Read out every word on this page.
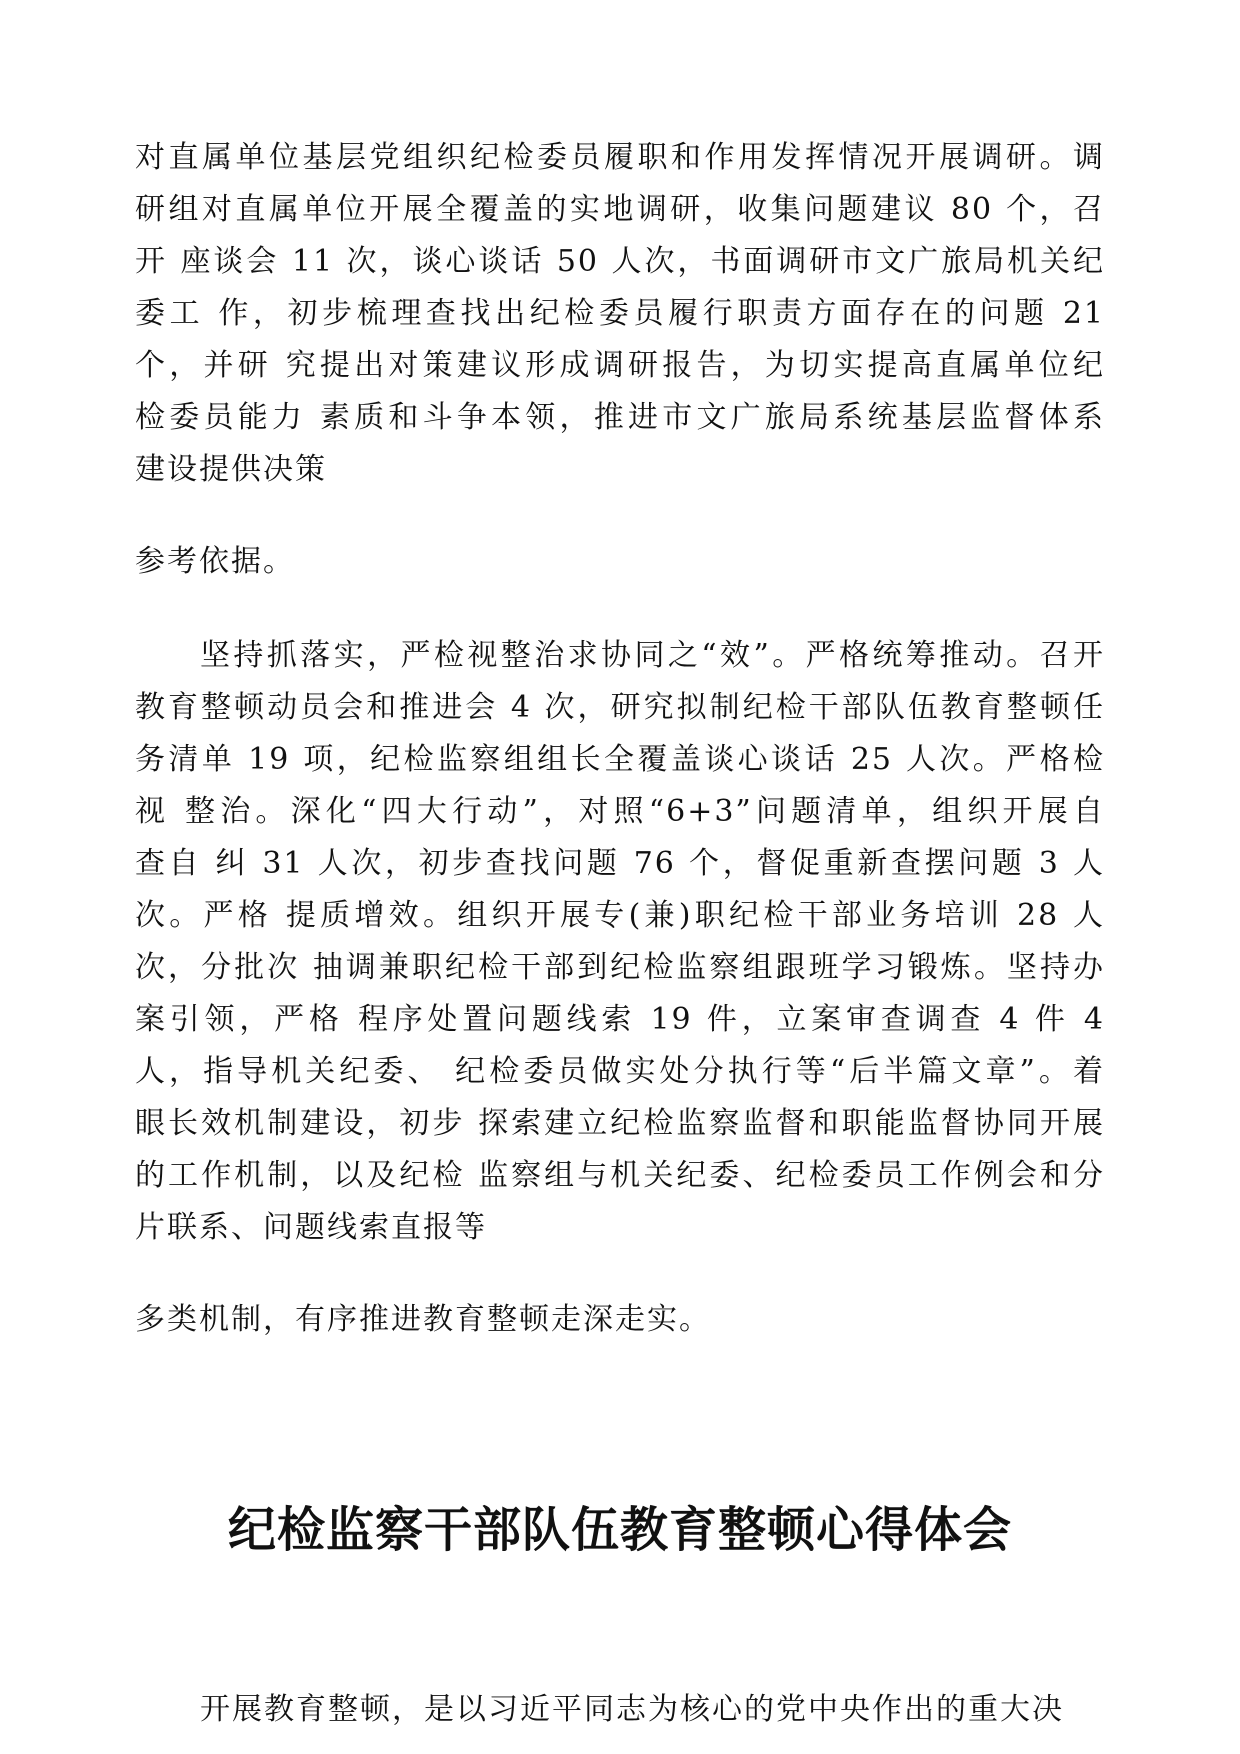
对直属单位基层党组织纪检委员履职和作用发挥情况开展调研。调
研组对直属单位开展全覆盖的实地调研，收集问题建议 80 个，召
开 座谈会 11 次，谈心谈话 50 人次，书面调研市文广旅局机关纪
委工 作，初步梳理查找出纪检委员履行职责方面存在的问题 21
个，并研 究提出对策建议形成调研报告，为切实提高直属单位纪
检委员能力 素质和斗争本领，推进市文广旅局系统基层监督体系
建设提供决策
参考依据。
坚持抓落实，严检视整治求协同之“效”。严格统筹推动。召开
教育整顿动员会和推进会 4 次，研究拟制纪检干部队伍教育整顿任
务清单 19 项，纪检监察组组长全覆盖谈心谈话 25 人次。严格检
视 整治。深化“四大行动”，对照“6+3”问题清单，组织开展自
查自 纠 31 人次，初步查找问题 76 个，督促重新查摆问题 3 人
次。严格 提质增效。组织开展专(兼)职纪检干部业务培训 28 人
次，分批次 抽调兼职纪检干部到纪检监察组跟班学习锻炼。坚持办
案引领，严格 程序处置问题线索 19 件，立案审查调查 4 件 4
人，指导机关纪委、 纪检委员做实处分执行等“后半篇文章”。着
眼长效机制建设，初步 探索建立纪检监察监督和职能监督协同开展
的工作机制，以及纪检 监察组与机关纪委、纪检委员工作例会和分
片联系、问题线索直报等
多类机制，有序推进教育整顿走深走实。
纪检监察干部队伍教育整顿心得体会
开展教育整顿，是以习近平同志为核心的党中央作出的重大决
